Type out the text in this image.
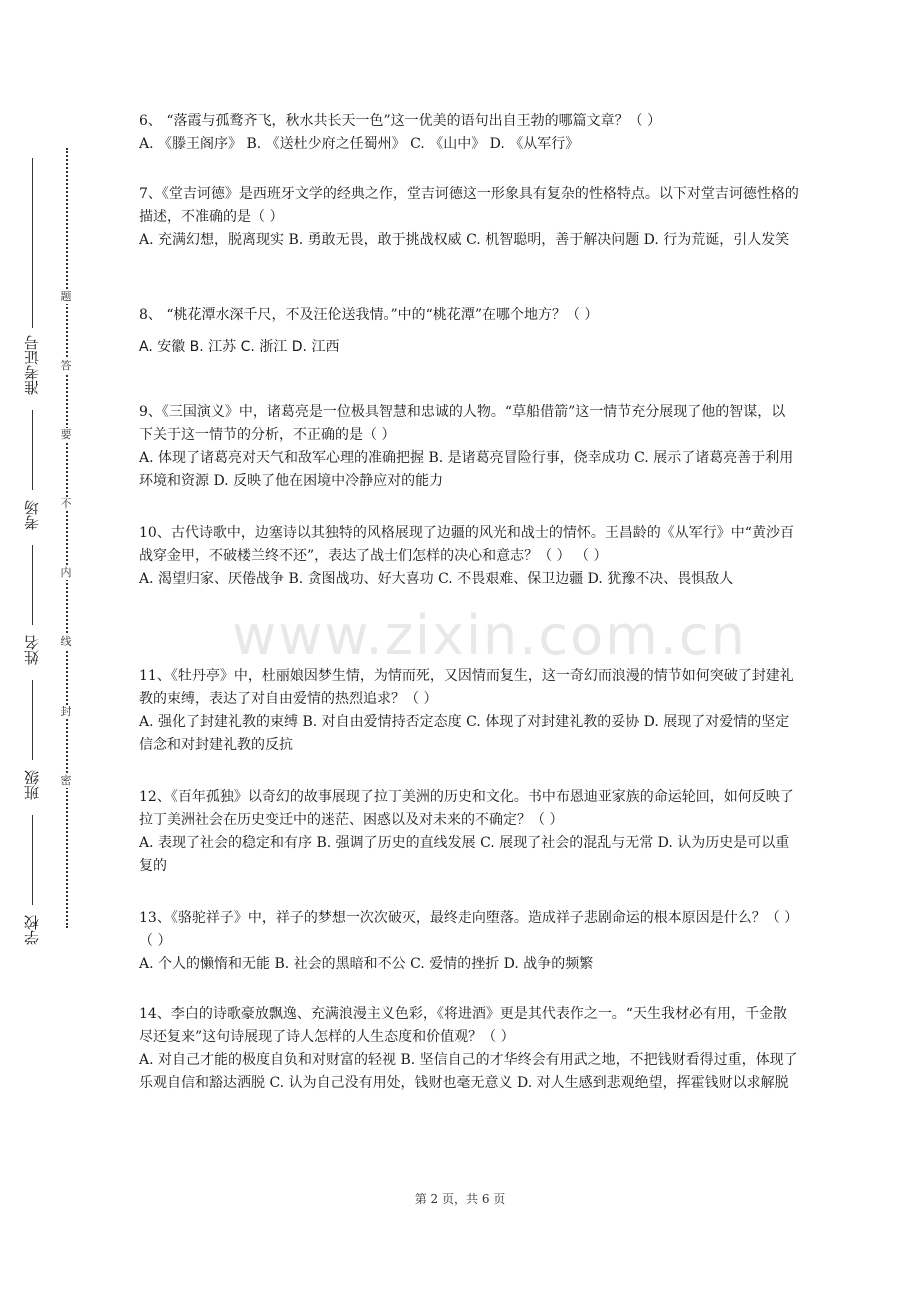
题
答
要
不
内
线
封
密
准考证号
考场
姓名
班级
学校

6、 “落霞与孤鹜齐飞，秋水共长天一色”这一优美的语句出自王勃的哪篇文章？（ ）

A. 《滕王阁序》 B. 《送杜少府之任蜀州》 C. 《山中》 D. 《从军行》

7、《堂吉诃德》是西班牙文学的经典之作，堂吉诃德这一形象具有复杂的性格特点。以下对堂吉诃德性格的描述，不准确的是（ ）

A. 充满幻想，脱离现实 B. 勇敢无畏，敢于挑战权威 C. 机智聪明，善于解决问题 D. 行为荒诞，引人发笑

8、 “桃花潭水深千尺，不及汪伦送我情。”中的“桃花潭”在哪个地方？（ ）

A. 安徽 B. 江苏 C. 浙江 D. 江西

9、《三国演义》中，诸葛亮是一位极具智慧和忠诚的人物。“草船借箭”这一情节充分展现了他的智谋，以下关于这一情节的分析，不正确的是（ ）

A. 体现了诸葛亮对天气和敌军心理的准确把握 B. 是诸葛亮冒险行事，侥幸成功 C. 展示了诸葛亮善于利用环境和资源 D. 反映了他在困境中冷静应对的能力

10、古代诗歌中，边塞诗以其独特的风格展现了边疆的风光和战士的情怀。王昌龄的《从军行》中“黄沙百战穿金甲，不破楼兰终不还”，表达了战士们怎样的决心和意志？（ ） （ ）

A. 渴望归家、厌倦战争 B. 贪图战功、好大喜功 C. 不畏艰难、保卫边疆 D. 犹豫不决、畏惧敌人

11、《牡丹亭》中，杜丽娘因梦生情，为情而死，又因情而复生，这一奇幻而浪漫的情节如何突破了封建礼教的束缚，表达了对自由爱情的热烈追求？（ ）

A. 强化了封建礼教的束缚 B. 对自由爱情持否定态度 C. 体现了对封建礼教的妥协 D. 展现了对爱情的坚定信念和对封建礼教的反抗

12、《百年孤独》以奇幻的故事展现了拉丁美洲的历史和文化。书中布恩迪亚家族的命运轮回，如何反映了拉丁美洲社会在历史变迁中的迷茫、困惑以及对未来的不确定？（ ）

A. 表现了社会的稳定和有序 B. 强调了历史的直线发展 C. 展现了社会的混乱与无常 D. 认为历史是可以重复的

13、《骆驼祥子》中，祥子的梦想一次次破灭，最终走向堕落。造成祥子悲剧命运的根本原因是什么？（ ） （ ）

A. 个人的懒惰和无能 B. 社会的黑暗和不公 C. 爱情的挫折 D. 战争的频繁

14、李白的诗歌豪放飘逸、充满浪漫主义色彩，《将进酒》更是其代表作之一。“天生我材必有用，千金散尽还复来”这句诗展现了诗人怎样的人生态度和价值观？（ ）

A. 对自己才能的极度自负和对财富的轻视 B. 坚信自己的才华终会有用武之地，不把钱财看得过重，体现了乐观自信和豁达洒脱 C. 认为自己没有用处，钱财也毫无意义 D. 对人生感到悲观绝望，挥霍钱财以求解脱

www.zixin.com.cn
第 2 页，共 6 页
